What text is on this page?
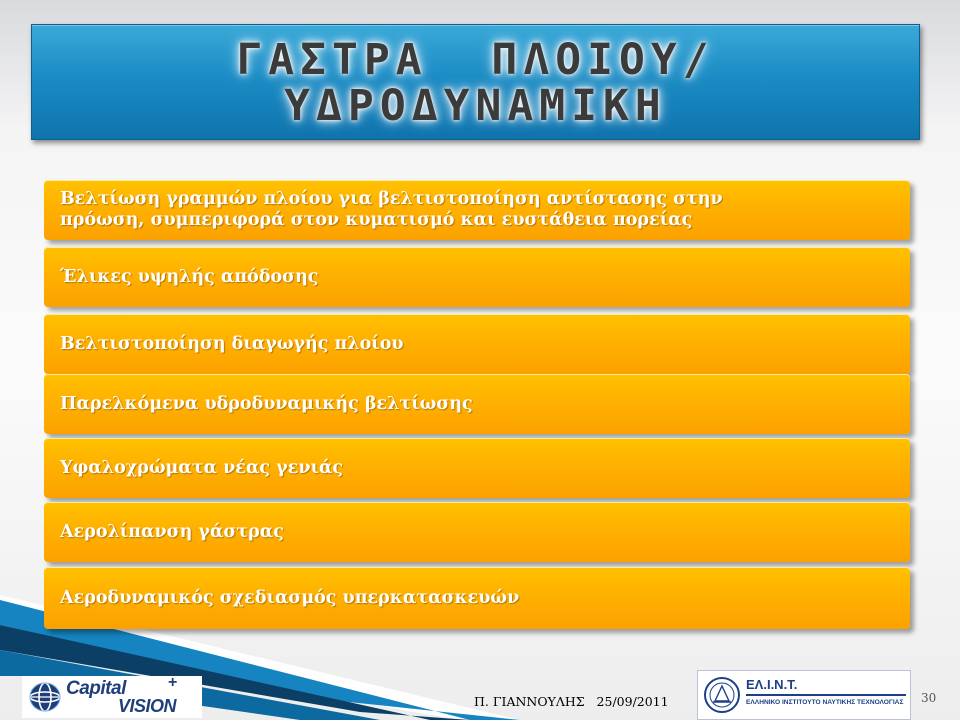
ΓΑΣΤΡΑ  ΠΛΟΙΟΥ/
ΥΔΡΟΔΥΝΑΜΙΚΗ
Βελτίωση γραμμών πλοίου για βελτιστοποίηση αντίστασης στην
πρόωση, συμπεριφορά στον κυματισμό και ευστάθεια πορείας
Έλικες υψηλής απόδοσης
Βελτιστοποίηση διαγωγής πλοίου
Παρελκόμενα υδροδυναμικής βελτίωσης
Υφαλοχρώματα νέας γενιάς
Αερολίπανση γάστρας
Αεροδυναμικός σχεδιασμός υπερκατασκευών
Capital	+
VISION	Π. ΓΙΑΝΝΟΥΛΗΣ   25/09/2011
ΕΛ.Ι.Ν.Τ.
ΕΛΛΗΝΙΚΟ ΙΝΣΤΙΤΟΥΤΟ ΝΑΥΤΙΚΗΣ ΤΕΧΝΟΛΟΓΙΑΣ 30
